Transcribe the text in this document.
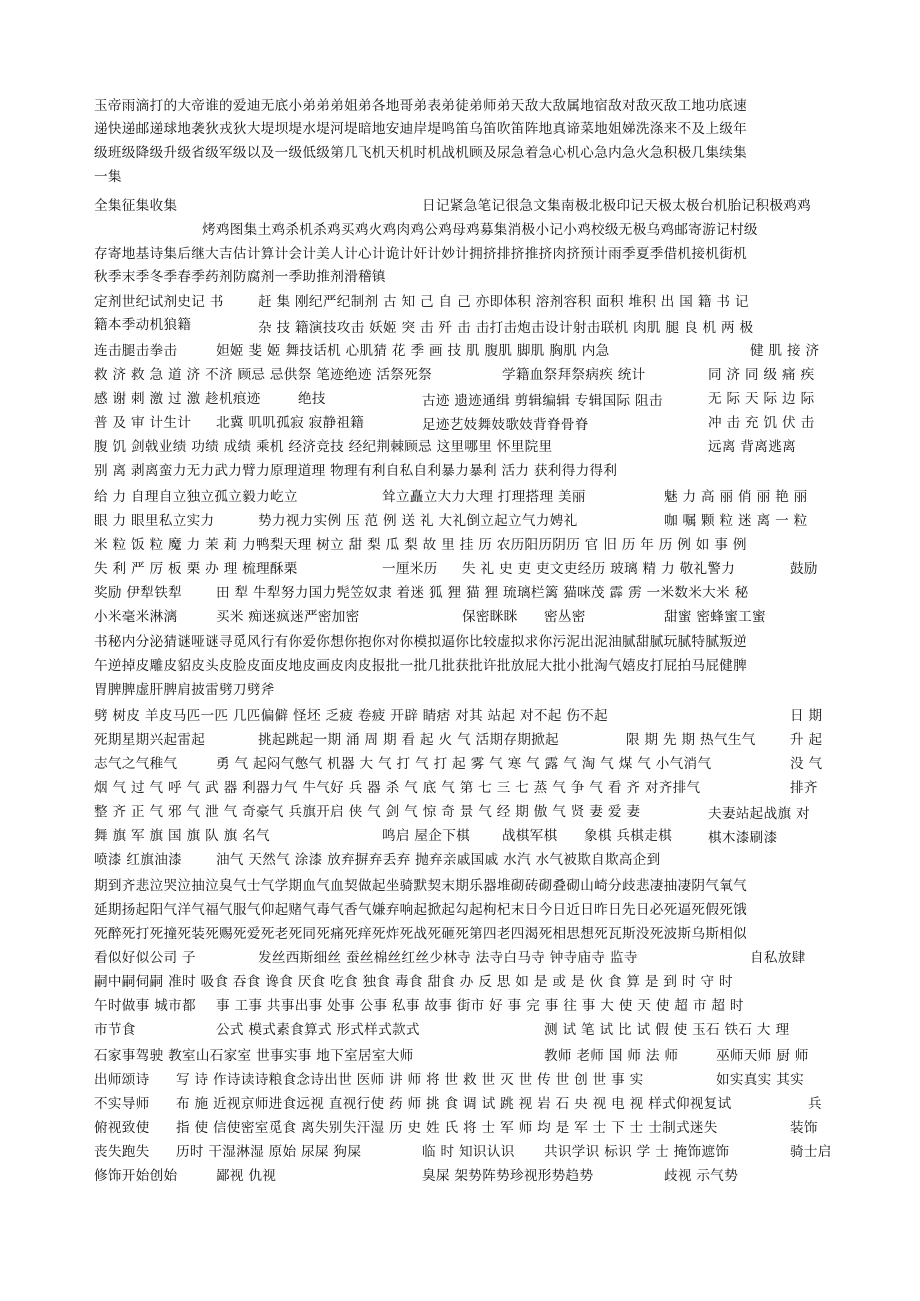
玉帝雨滴打的大帝谁的爱迪无底小弟弟弟姐弟各地哥弟表弟徒弟师弟天敌大敌属地宿敌对敌灭敌工地功底速
递快递邮递球地袭狄戎狄大堤坝堤水堤河堤暗地安迪岸堤鸣笛乌笛吹笛阵地真谛菜地姐娣洗涤来不及上级年
级班级降级升级省级军级以及一级低级第几飞机天机时机战机顾及尿急着急心机心急内急火急积极几集续集
一集
全集征集收集	日记紧急笔记很急文集南极北极印记天极太极台机胎记积极鸡鸡
烤鸡图集土鸡杀机杀鸡买鸡火鸡肉鸡公鸡母鸡募集消极小记小鸡校级无极乌鸡邮寄游记村级
存寄地基诗集后继大吉估计算计会计美人计心计诡计奸计妙计拥挤排挤推挤肉挤预计雨季夏季借机接机街机
秋季末季冬季春季药剂防腐剂一季助推剂滑稽镇
定剂世纪试剂史记 书	赶 集 刚纪严纪制剂 古 知 己 自 己 亦即体积 溶剂容积 面积 堆积 出 国 籍 书 记
籍本季动机狼籍	杂 技 籍演技攻击 妖姬 突 击 歼 击 击打击炮击设计射击联机 肉肌 腿 良 机 两 极
连击腿击拳击	妲姬 斐 姬 舞技话机 心肌猜 花 季 画 技 肌 腹肌 脚肌 胸肌 内急	健 肌 接 济
救 济 救 急 道 济 不济 顾忌 忌供祭 笔迹绝迹 活祭死祭	学籍血祭拜祭病疾 统计	同 济 同 级 痛 疾
感 谢 刺 激 过 激 趁机痕迹	绝技	古迹 遗迹通缉 剪辑编辑 专辑国际 阻击	无 际 天 际 边 际
普 及 审 计生计 北冀 叽叽孤寂 寂静祖籍	足迹艺妓舞妓歌妓背脊骨脊	冲 击 充 饥 伏 击
腹 饥 剑戟业绩 功绩 成绩 乘机 经济竞技 经纪荆棘顾忌 这里哪里 怀里院里	远离 背离逃离
别 离 剥离蛮力无力武力臂力原理道理 物理有利自私自利暴力暴利 活力 获利得力得利
给 力 自理自立独立孤立毅力屹立	耸立矗立大力大理 打理搭理 美丽	魅 力 高 丽 俏 丽 艳 丽
眼 力 眼里私立实力	势力视力实例 压 范 例 送 礼 大礼倒立起立气力娉礼	咖 嘱 颗 粒 迷 离 一 粒
米 粒 饭 粒 魔 力 茉 莉 力鸭梨天理 树立 甜 梨 瓜 梨 故 里 挂 历 农历阳历阴历 官 旧 历 年 历 例 如 事 例
失 利 严 厉 板 栗 办 理 梳理酥栗	一厘米历 失 礼 史 吏 吏文吏经历 玻璃 精 力 敬礼警力	鼓励
奖励 伊犁铁犁	田 犁 牛犁努力国力髡笠奴隶 着迷 狐 狸 猫 狸 琉璃栏篱 猫咪茂 霹 雳 一米数米大米 秘
小米毫米淋漓	买米 痴迷疯迷严密加密	保密眯眯 密丛密	甜蜜 密蜂蜜工蜜
书秘内分泌猜谜哑谜寻觅风行有你爱你想你抱你对你模拟逼你比较虚拟求你污泥出泥油腻甜腻玩腻特腻叛逆
午逆掉皮雕皮貂皮头皮脸皮面皮地皮画皮肉皮报批一批几批获批许批放屁大批小批淘气嬉皮打屁拍马屁健脾
胃脾脾虚肝脾肩披雷劈刀劈斧
劈 树皮 羊皮马匹一匹 几匹偏僻 怪坯 乏疲 卷疲 开辟 睛痞 对其 站起 对不起 伤不起	日 期
死期星期兴起雷起	挑起跳起一期 涌 周 期 看 起 火 气 活期存期掀起	限 期 先 期 热气生气	升 起
志气之气稚气	勇 气 起闷气憋气 机器 大 气 打 气 打 起 雾 气 寒 气 露 气 淘 气 煤 气 小气消气	没 气
烟 气 过 气 呼 气 武 器 利器力气 牛气好 兵 器 杀 气 底 气 第 七 三 七 蒸 气 争 气 看 齐 对齐排气	排齐
整 齐 正 气 邪 气 泄 气 奇豪气 兵旗开启 侠 气 剑 气 惊 奇 景 气 经 期 傲 气 贤 妻 爱 妻	夫妻站起战旗 对
舞 旗 军 旗 国 旗 队 旗 名气	鸣启 屋企下棋 战棋军棋 象棋 兵棋走棋	棋木漆刷漆
喷漆 红旗油漆	油气 天然气 涂漆 放弃摒弃丢弃 抛弃亲戚国戚 水汽 水气被欺自欺高企到
期到齐悲泣哭泣抽泣臭气士气学期血气血契做起坐骑默契末期乐器堆砌砖砌叠砌山崎分歧悲凄抽凄阴气氧气
延期扬起阳气洋气福气服气仰起赌气毒气香气嫌弃响起掀起勾起枸杞末日今日近日昨日先日必死逼死假死饿
死醉死打死撞死装死赐死爱死老死同死痛死痒死炸死战死砸死第四老四渴死相思想死瓦斯没死波斯乌斯相似
看似好似公司 子	发丝西斯细丝 蚕丝棉丝红丝少林寺 法寺白马寺 钟寺庙寺 监寺	自私放肆
嗣中嗣伺嗣 准时 吸食 吞食 谗食 厌食 吃食 独食 毒食 甜食 办 反 思 如 是 或 是 伙 食 算 是 到 时 守 时
午时做事 城市都 事 工事 共事出事 处事 公事 私事 故事 街市 好 事 完 事 往 事 大 使 天 使 超 市 超 时
市节食	公式 模式素食算式 形式样式款式	测 试 笔 试 比 试 假 使 玉石 铁石 大 理
石家事驾驶 教室山石家室 世事实事 地下室居室大师	教师 老师 国 师 法 师	巫师天师 厨 师
出师颂诗 写 诗 作诗读诗粮食念诗出世 医师 讲 师 将 世 救 世 灭 世 传 世 创 世 事 实	如实真实 其实
不实导师 布 施 近视京师进食远视 直视行使 药 师 挑 食 调 试 跳 视 岩 石 央 视 电 视 样式仰视复试	兵
俯视致使 指 使 信使密室觅食 离失别失汗湿 历 史 姓 氏 将 士 军 师 均 是 军 士 下 士 士制式迷失	装饰
丧失跑失 历时 干湿淋湿 原始 尿屎 狗屎	临 时 知识认识 共识学识 标识 学 士 掩饰遮饰	骑士启
修饰开始创始	鄙视 仇视	臭屎 架势阵势珍视形势趋势	歧视 示气势
